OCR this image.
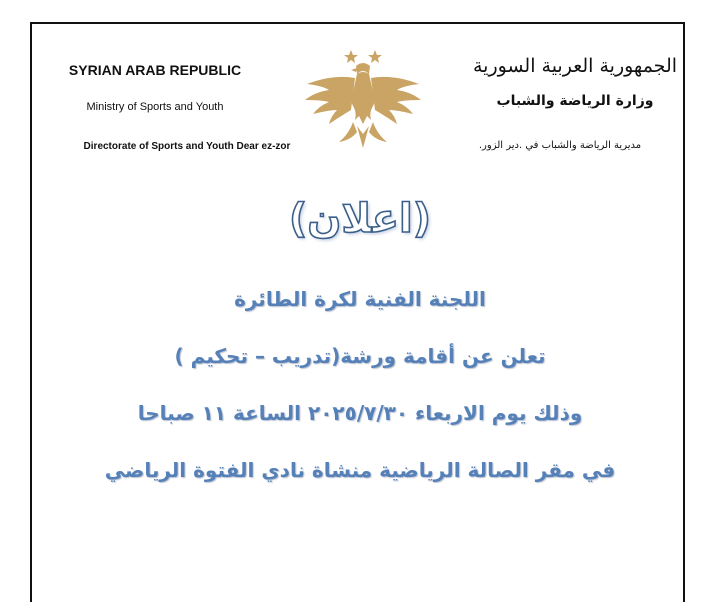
SYRIAN ARAB REPUBLIC
Ministry of Sports and Youth
Directorate of Sports and Youth Dear ez-zor
الجمهورية العربية السورية
وزارة الرياضة والشباب
مديرية الرياضة والشباب في .دير الزور.
(اعلان)
اللجنة الفنية لكرة الطائرة
تعلن عن أقامة ورشة(تدريب – تحكيم )
وذلك يوم الاربعاء ٢٠٢٥/٧/٣٠ الساعة ١١ صباحا
في مقر الصالة الرياضية منشاة نادي الفتوة الرياضي
